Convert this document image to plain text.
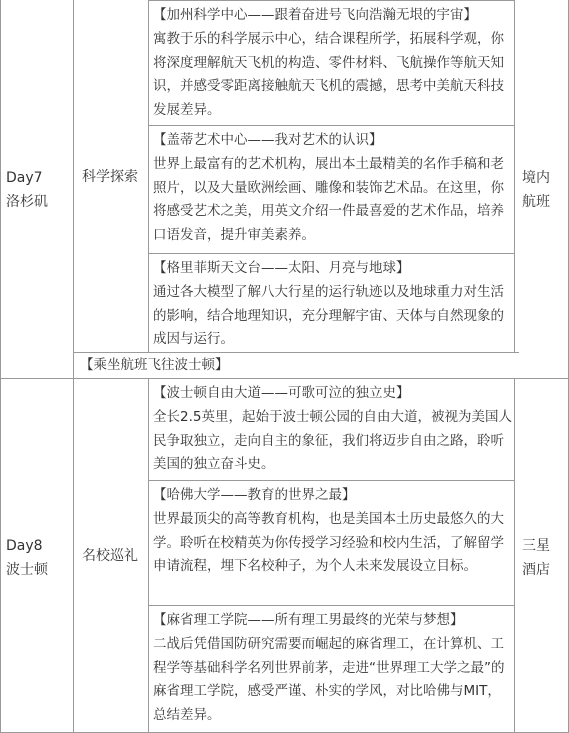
Day7
洛杉矶
科学探索	境内航班
【加州科学中心——跟着奋进号飞向浩瀚无垠的宇宙】
寓教于乐的科学展示中心，结合课程所学，拓展科学观，你将深度理解航天飞机的构造、零件材料、飞航操作等航天知识，并感受零距离接触航天飞机的震撼，思考中美航天科技发展差异。
【盖蒂艺术中心——我对艺术的认识】
世界上最富有的艺术机构，展出本土最精美的名作手稿和老照片，以及大量欧洲绘画、雕像和装饰艺术品。在这里，你将感受艺术之美，用英文介绍一件最喜爱的艺术作品，培养口语发音，提升审美素养。
【格里菲斯天文台——太阳、月亮与地球】
通过各大模型了解八大行星的运行轨迹以及地球重力对生活的影响，结合地理知识，充分理解宇宙、天体与自然现象的成因与运行。
【乘坐航班飞往波士顿】
Day8
波士顿
名校巡礼
三星酒店
【波士顿自由大道——可歌可泣的独立史】
全长2.5英里，起始于波士顿公园的自由大道，被视为美国人民争取独立，走向自主的象征，我们将迈步自由之路，聆听美国的独立奋斗史。
【哈佛大学——教育的世界之最】
世界最顶尖的高等教育机构，也是美国本土历史最悠久的大学。聆听在校精英为你传授学习经验和校内生活，了解留学申请流程，埋下名校种子，为个人未来发展设立目标。
【麻省理工学院——所有理工男最终的光荣与梦想】
二战后凭借国防研究需要而崛起的麻省理工，在计算机、工程学等基础科学名列世界前茅，走进“世界理工大学之最”的麻省理工学院，感受严谨、朴实的学风，对比哈佛与MIT，总结差异。
